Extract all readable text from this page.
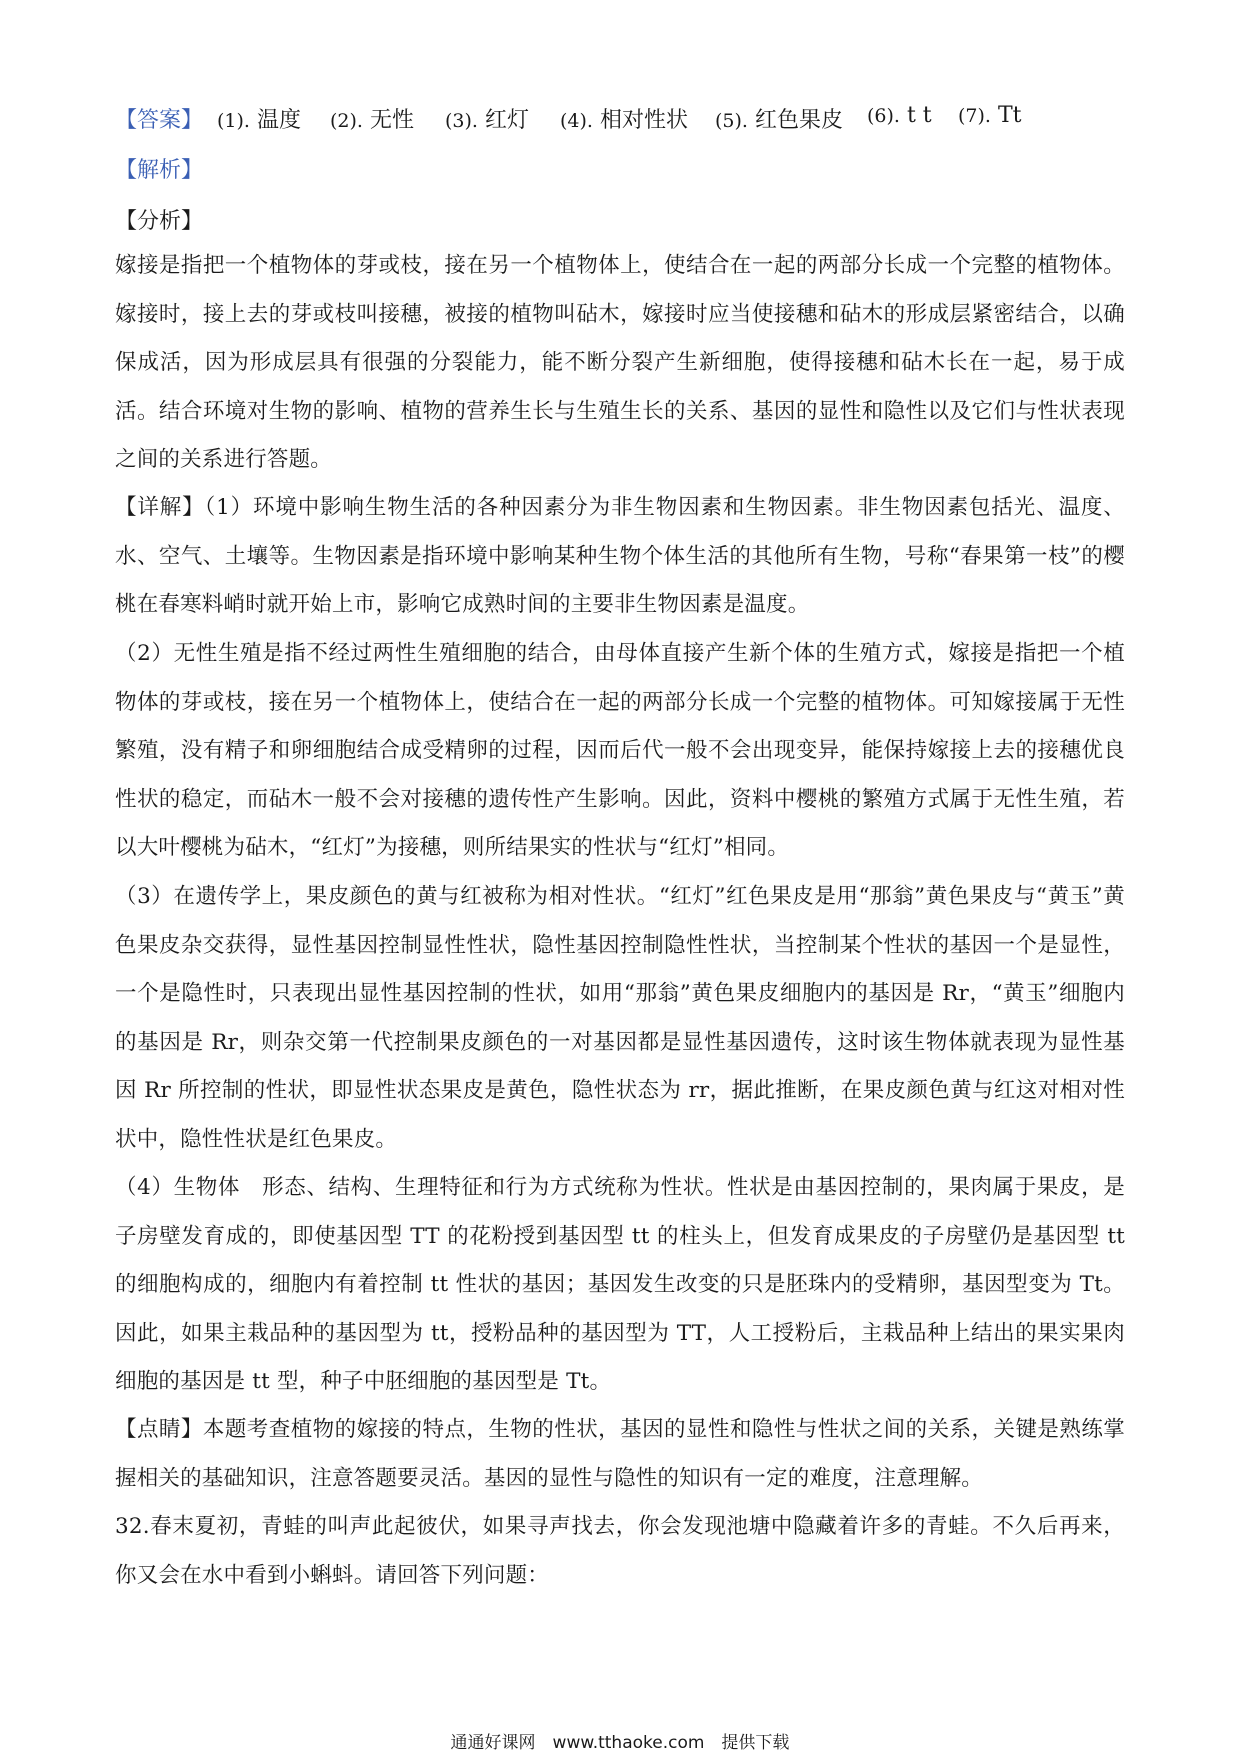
【答案】 (1). 温度 (2). 无性 (3). 红灯 (4). 相对性状 (5). 红色果皮 (6). t t (7). Tt
【解析】
【分析】

嫁接是指把一个植物体的芽或枝，接在另一个植物体上，使结合在一起的两部分长成一个完整的植物体。嫁接时，接上去的芽或枝叫接穗，被接的植物叫砧木，嫁接时应当使接穗和砧木的形成层紧密结合，以确保成活，因为形成层具有很强的分裂能力，能不断分裂产生新细胞，使得接穗和砧木长在一起，易于成活。结合环境对生物的影响、植物的营养生长与生殖生长的关系、基因的显性和隐性以及它们与性状表现之间的关系进行答题。

【详解】（1）环境中影响生物生活的各种因素分为非生物因素和生物因素。非生物因素包括光、温度、水、空气、土壤等。生物因素是指环境中影响某种生物个体生活的其他所有生物，号称“春果第一枝”的樱桃在春寒料峭时就开始上市，影响它成熟时间的主要非生物因素是温度。

（2）无性生殖是指不经过两性生殖细胞的结合，由母体直接产生新个体的生殖方式，嫁接是指把一个植物体的芽或枝，接在另一个植物体上，使结合在一起的两部分长成一个完整的植物体。可知嫁接属于无性繁殖，没有精子和卵细胞结合成受精卵的过程，因而后代一般不会出现变异，能保持嫁接上去的接穗优良性状的稳定，而砧木一般不会对接穗的遗传性产生影响。因此，资料中樱桃的繁殖方式属于无性生殖，若以大叶樱桃为砧木，“红灯”为接穗，则所结果实的性状与“红灯”相同。

（3）在遗传学上，果皮颜色的黄与红被称为相对性状。“红灯”红色果皮是用“那翁”黄色果皮与“黄玉”黄色果皮杂交获得，显性基因控制显性性状，隐性基因控制隐性性状，当控制某个性状的基因一个是显性，一个是隐性时，只表现出显性基因控制的性状，如用“那翁”黄色果皮细胞内的基因是 Rr，“黄玉”细胞内的基因是 Rr，则杂交第一代控制果皮颜色的一对基因都是显性基因遗传，这时该生物体就表现为显性基因 Rr 所控制的性状，即显性状态果皮是黄色，隐性状态为 rr，据此推断，在果皮颜色黄与红这对相对性状中，隐性性状是红色果皮。

（4）生物体　形态、结构、生理特征和行为方式统称为性状。性状是由基因控制的，果肉属于果皮，是子房壁发育成的，即使基因型 TT 的花粉授到基因型 tt 的柱头上，但发育成果皮的子房壁仍是基因型 tt 的细胞构成的，细胞内有着控制 tt 性状的基因；基因发生改变的只是胚珠内的受精卵，基因型变为 Tt。因此，如果主栽品种的基因型为 tt，授粉品种的基因型为 TT，人工授粉后，主栽品种上结出的果实果肉细胞的基因是 tt 型，种子中胚细胞的基因型是 Tt。

【点睛】本题考查植物的嫁接的特点，生物的性状，基因的显性和隐性与性状之间的关系，关键是熟练掌握相关的基础知识，注意答题要灵活。基因的显性与隐性的知识有一定的难度，注意理解。

32.春末夏初，青蛙的叫声此起彼伏，如果寻声找去，你会发现池塘中隐藏着许多的青蛙。不久后再来，你又会在水中看到小蝌蚪。请回答下列问题：

通通好课网　www.tthaoke.com　提供下载
